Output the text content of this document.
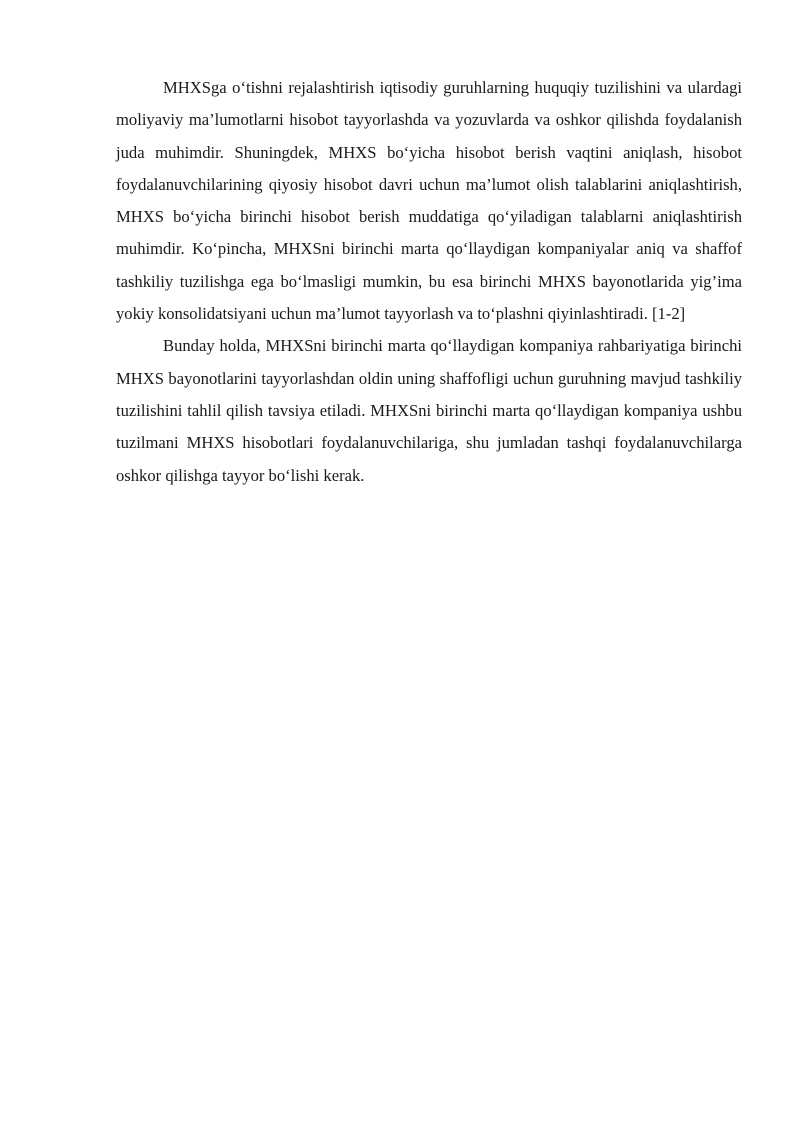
MHXSga o‘tishni rejalashtirish iqtisodiy guruhlarning huquqiy tuzilishini va ulardagi moliyaviy ma’lumotlarni hisobot tayyorlashda va yozuvlarda va oshkor qilishda foydalanish juda muhimdir. Shuningdek, MHXS bo‘yicha hisobot berish vaqtini aniqlash, hisobot foydalanuvchilarining qiyosiy hisobot davri uchun ma’lumot olish talablarini aniqlashtirish, MHXS bo‘yicha birinchi hisobot berish muddatiga qo‘yiladigan talablarni aniqlashtirish muhimdir. Ko‘pincha, MHXSni birinchi marta qo‘llaydigan kompaniyalar aniq va shaffof tashkiliy tuzilishga ega bo‘lmasligi mumkin, bu esa birinchi MHXS bayonotlarida yig’ima yokiy konsolidatsiyani uchun ma’lumot tayyorlash va to‘plashni qiyinlashtiradi. [1-2]

Bunday holda, MHXSni birinchi marta qo‘llaydigan kompaniya rahbariyatiga birinchi MHXS bayonotlarini tayyorlashdan oldin uning shaffofligi uchun guruhning mavjud tashkiliy tuzilishini tahlil qilish tavsiya etiladi. MHXSni birinchi marta qo‘llaydigan kompaniya ushbu tuzilmani MHXS hisobotlari foydalanuvchilariga, shu jumladan tashqi foydalanuvchilarga oshkor qilishga tayyor bo‘lishi kerak.
